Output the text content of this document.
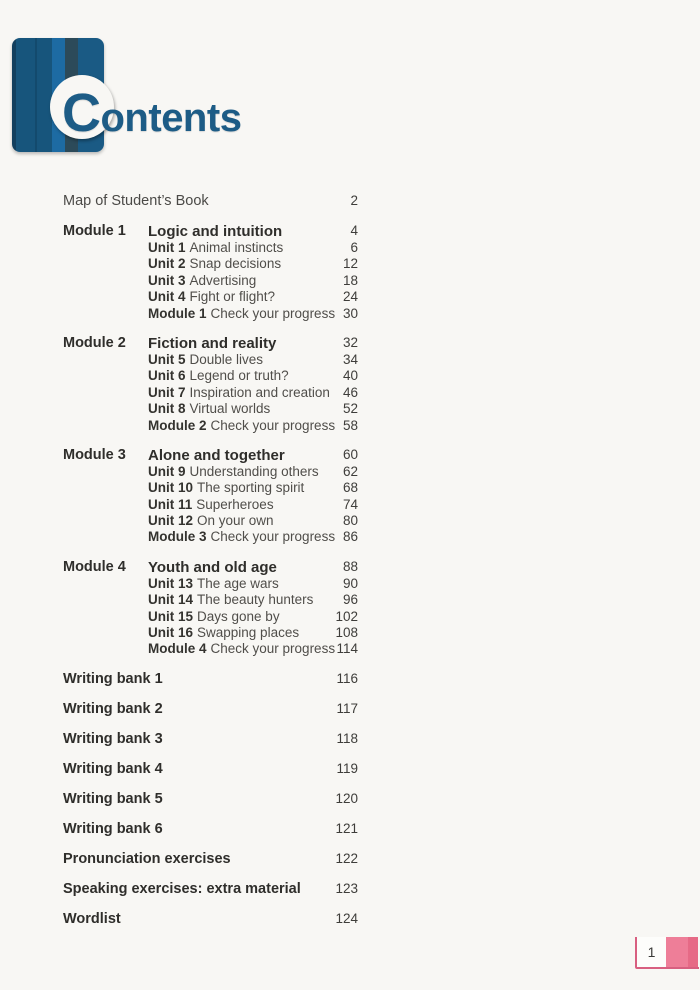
C ontents
Map of Student’s Book	2
Module 1	Logic and intuition	4
Unit 1 Animal instincts	6
Unit 2 Snap decisions	12
Unit 3 Advertising	18
Unit 4 Fight or flight?	24
Module 1 Check your progress 30
Module 2	Fiction and reality	32
Unit 5 Double lives	34
Unit 6 Legend or truth?	40
Unit 7 Inspiration and creation 46
Unit 8 Virtual worlds	52
Module 2 Check your progress 58
Module 3	Alone and together	60
Unit 9 Understanding others 62
Unit 10 The sporting spirit	68
Unit 11 Superheroes	74
Unit 12 On your own	80
Module 3 Check your progress 86
Module 4	Youth and old age	88
Unit 13 The age wars	90
Unit 14 The beauty hunters 96
Unit 15 Days gone by	102
Unit 16 Swapping places	108
Module 4 Check your progress 114
Writing bank 1	116
Writing bank 2	117
Writing bank 3	118
Writing bank 4	119
Writing bank 5	120
Writing bank 6	121
Pronunciation exercises	122
Speaking exercises: extra material	123
Wordlist	124
1
